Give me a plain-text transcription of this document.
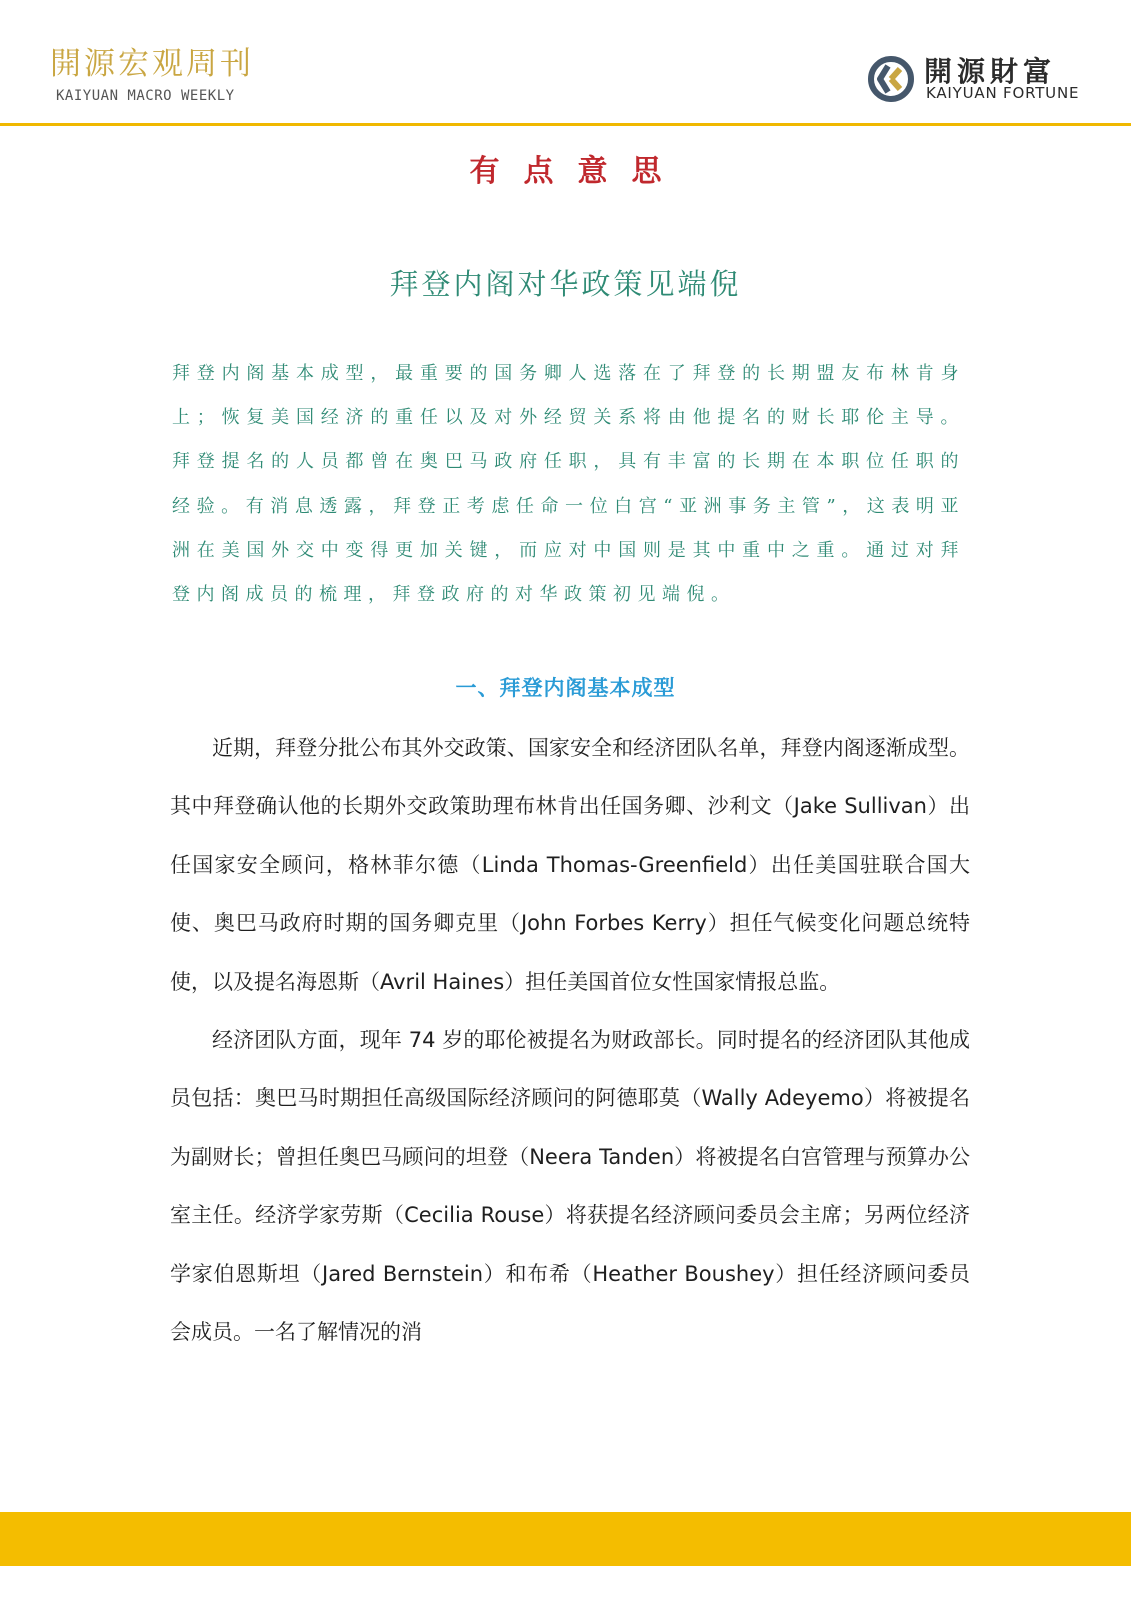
開源宏观周刊
KAIYUAN MACRO WEEKLY
開源財富
KAIYUAN FORTUNE
有点意思
拜登内阁对华政策见端倪
拜登内阁基本成型，最重要的国务卿人选落在了拜登的长期盟友布林肯身上；恢复美国经济的重任以及对外经贸关系将由他提名的财长耶伦主导。拜登提名的人员都曾在奥巴马政府任职，具有丰富的长期在本职位任职的经验。有消息透露，拜登正考虑任命一位白宫“亚洲事务主管”，这表明亚洲在美国外交中变得更加关键，而应对中国则是其中重中之重。通过对拜登内阁成员的梳理，拜登政府的对华政策初见端倪。
一、拜登内阁基本成型

近期，拜登分批公布其外交政策、国家安全和经济团队名单，拜登内阁逐渐成型。其中拜登确认他的长期外交政策助理布林肯出任国务卿、沙利文（Jake Sullivan）出任国家安全顾问，格林菲尔德（Linda Thomas-Greenfield）出任美国驻联合国大使、奥巴马政府时期的国务卿克里（John Forbes Kerry）担任气候变化问题总统特使，以及提名海恩斯（Avril Haines）担任美国首位女性国家情报总监。

经济团队方面，现年 74 岁的耶伦被提名为财政部长。同时提名的经济团队其他成员包括：奥巴马时期担任高级国际经济顾问的阿德耶莫（Wally Adeyemo）将被提名为副财长；曾担任奥巴马顾问的坦登（Neera Tanden）将被提名白宫管理与预算办公室主任。经济学家劳斯（Cecilia Rouse）将获提名经济顾问委员会主席；另两位经济学家伯恩斯坦（Jared Bernstein）和布希（Heather Boushey）担任经济顾问委员会成员。一名了解情况的消
